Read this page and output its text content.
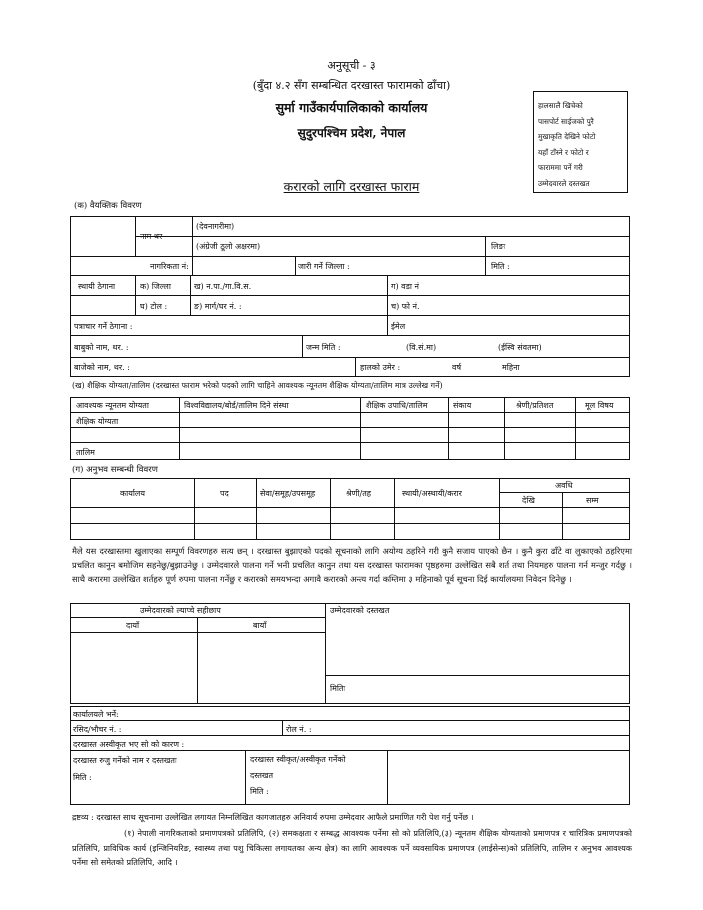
अनुसूची - ३
(बुँदा ४.२ सँग सम्बन्धित दरखास्त फारामको ढाँचा)
सुर्मा गाउँकार्यपालिकाको कार्यालय
सुदुरपश्चिम प्रदेश, नेपाल
करारको लागि दरखास्त फाराम
हालसालै खिचेको
पासपोर्ट साईजको पुरै
मुखाकृति देखिने फोटो
यहाँ टाँस्ने र फोटो र
फाराममा पर्ने गरी
उम्मेदवारले दस्तखत
(क) वैयक्तिक विवरण
नाम थर
(देवनागरीमा)
(अंग्रेजी ठूलो अक्षरमा)	लिङः
नागरिकता नं:	जारी गर्ने जिल्ला :	मिति :
स्थायी ठेगाना	क) जिल्ला	ख) न.पा./गा.वि.स.	ग) वडा नं
घ) टोल :	ङ) मार्ग/घर नं. :	च) फो नं.
पत्राचार गर्ने ठेगाना :	ईमेल
बाबुको नाम, थर. :	जन्म मिति :	(वि.सं.मा)	(ईस्वि संवतमा)
बाजेको नाम, थर. :	हालको उमेर :	वर्ष	महिना
(ख) शैक्षिक योग्यता/तालिम (दरखास्त फाराम भरेको पदको लागि चाहिने आवश्यक न्यूनतम शैक्षिक योग्यता/तालिम मात्र उल्लेख गर्ने)
आवश्यक न्यूनतम योग्यता	विश्वविद्यालय/बोर्ड/तालिम दिने संस्था	शैक्षिक उपाधि/तालिम	संकाय	श्रेणी/प्रतिशत	मूल विषय
शैक्षिक योग्यता
तालिम
(ग) अनुभव सम्बन्धी विवरण
कार्यालय	पद	सेवा/समूह/उपसमूह	श्रेणी/तह	स्थायी/अस्थायी/करार
अवधि
देखि	सम्म
मैले यस दरखास्तमा खुलाएका सम्पूर्ण विवरणहरु सत्य छन् । दरखास्त बुझाएको पदको सूचनाको लागि अयोग्य ठहरिने गरी कुनै सजाय पाएको छैन । कुनै कुरा ढाँटे वा लुकाएको ठहरिएमा प्रचलित कानुन बमोजिम सहनेछु/बुझाउनेछु । उम्मेदवारले पालना गर्ने भनी प्रचलित कानुन तथा यस दरखास्त फारामका पृष्ठहरुमा उल्लेखित सबै शर्त तथा नियमहरु पालना गर्न मन्जुर गर्दछु । साथै करारमा उल्लेखित शर्तहरु पूर्ण रुपमा पालना गर्नेछु र करारको समयभन्दा अगावै करारको अन्त्य गर्दा कम्तिमा ३ महिनाको पूर्व सूचना दिई कार्यालयमा निवेदन दिनेछु ।
उम्मेदवारको ल्याप्चे सहीछाप
दायाँ	बायाँ
उम्मेदवारको दस्तखत
मितिः
कार्यालयले भर्ने:
रसिद/भौचर नं. :	रोल नं. :
दरखास्त अस्वीकृत भए सो को कारण :
दरखास्त रुजु गर्नेको नाम र दस्तखतः
मिति :
दरखास्त स्वीकृत/अस्वीकृत गर्नेको
दस्तखत
मिति :
द्रष्टव्य : दरखास्त साथ सूचनामा उल्लेखित लगायत निम्नलिखित कागजातहरु अनिवार्य रुपमा उम्मेदवार आफैले प्रमाणित गरी पेश गर्नु पर्नेछ ।
(१) नेपाली नागरिकताको प्रमाणपत्रको प्रतिलिपि, (२) समकक्षता र सम्बद्ध आवश्यक पर्नेमा सो को प्रतिलिपि,(३) न्यूनतम शैक्षिक योग्यताको प्रमाणपत्र र चारित्रिक प्रमाणपत्रको प्रतिलिपि, प्राविधिक कार्य (इन्जिनियरिङ, स्वास्थ्य तथा पशु चिकित्सा लगायतका अन्य क्षेत्र) का लागि आवश्यक पर्ने व्यवसायिक प्रमाणपत्र (लाईसेन्स)को प्रतिलिपि, तालिम र अनुभव आवश्यक पर्नेमा सो समेतको प्रतिलिपि, आदि ।
